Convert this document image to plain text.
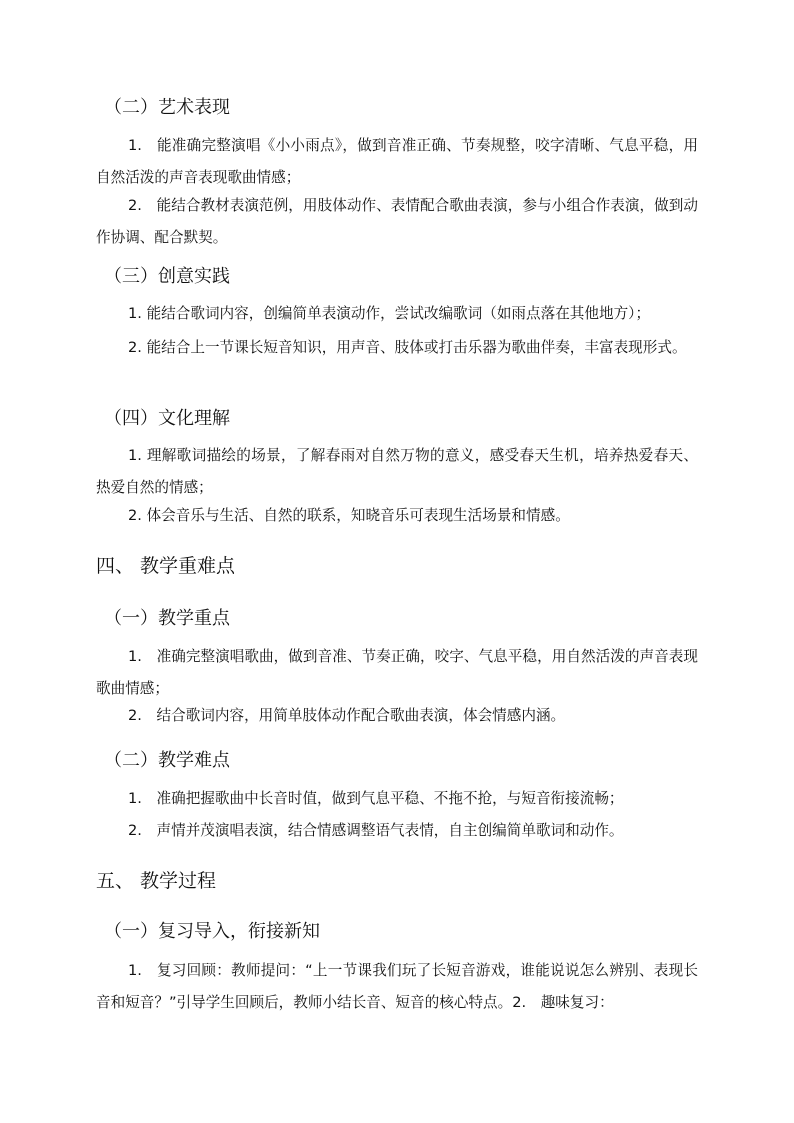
（二）艺术表现
1.　能准确完整演唱《小小雨点》，做到音准正确、节奏规整，咬字清晰、气息平稳，用自然活泼的声音表现歌曲情感；
2.　能结合教材表演范例，用肢体动作、表情配合歌曲表演，参与小组合作表演，做到动作协调、配合默契。
（三）创意实践
1. 能结合歌词内容，创编简单表演动作，尝试改编歌词（如雨点落在其他地方）；
2. 能结合上一节课长短音知识，用声音、肢体或打击乐器为歌曲伴奏，丰富表现形式。
（四）文化理解
1. 理解歌词描绘的场景，了解春雨对自然万物的意义，感受春天生机，培养热爱春天、热爱自然的情感；
2. 体会音乐与生活、自然的联系，知晓音乐可表现生活场景和情感。
四、 教学重难点
（一）教学重点
1.　准确完整演唱歌曲，做到音准、节奏正确，咬字、气息平稳，用自然活泼的声音表现歌曲情感；
2.　结合歌词内容，用简单肢体动作配合歌曲表演，体会情感内涵。
（二）教学难点
1.　准确把握歌曲中长音时值，做到气息平稳、不拖不抢，与短音衔接流畅；
2.　声情并茂演唱表演，结合情感调整语气表情，自主创编简单歌词和动作。
五、 教学过程
（一）复习导入，衔接新知
1.　复习回顾：教师提问：“上一节课我们玩了长短音游戏，谁能说说怎么辨别、表现长音和短音？”引导学生回顾后，教师小结长音、短音的核心特点。2.　趣味复习：
